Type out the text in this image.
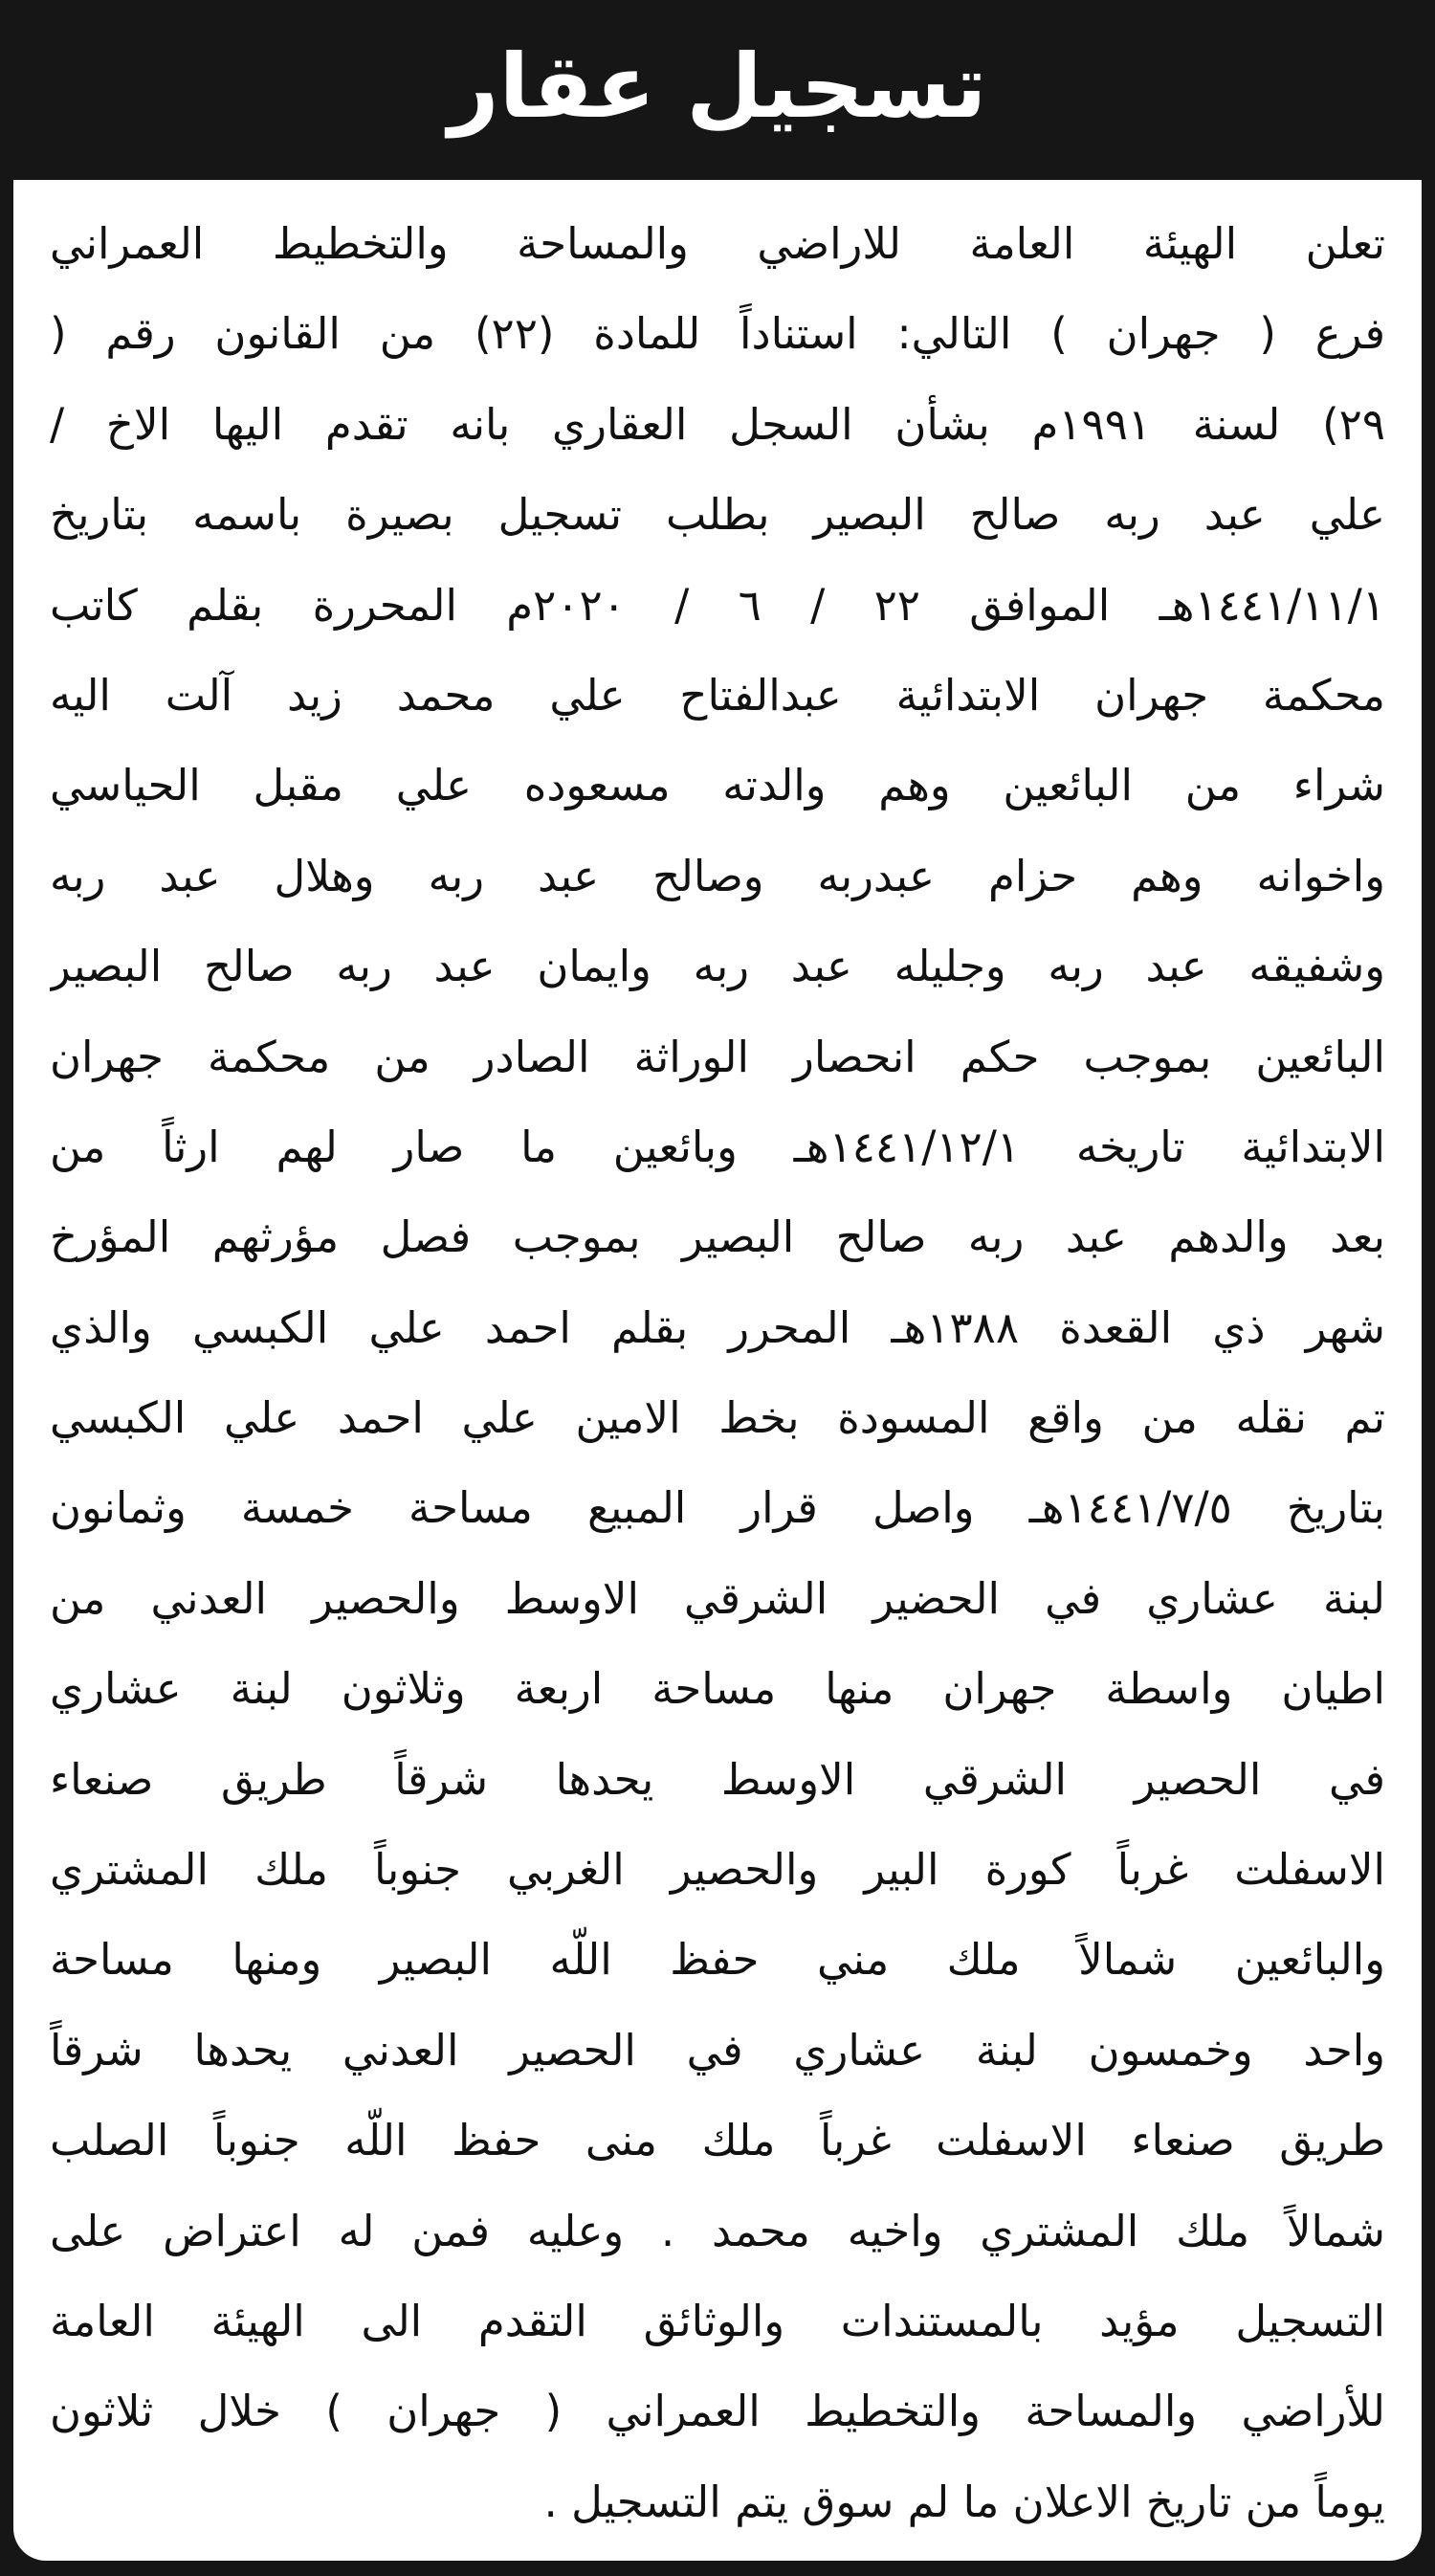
تسجيل عقار
تعلن الهيئة العامة للاراضي والمساحة والتخطيط العمراني
فرع ( جهران ) التالي: استناداً للمادة (٢٢) من القانون رقم (
٢٩) لسنة ١٩٩١م بشأن السجل العقاري بانه تقدم اليها الاخ /
علي عبد ربه صالح البصير بطلب تسجيل بصيرة باسمه بتاريخ
١٤٤١/١١/١هـ الموافق ٢٢ / ٦ / ٢٠٢٠م المحررة بقلم كاتب
محكمة جهران الابتدائية عبدالفتاح علي محمد زيد آلت اليه
شراء من البائعين وهم والدته مسعوده علي مقبل الحياسي
واخوانه وهم حزام عبدربه وصالح عبد ربه وهلال عبد ربه
وشفيقه عبد ربه وجليله عبد ربه وايمان عبد ربه صالح البصير
البائعين بموجب حكم انحصار الوراثة الصادر من محكمة جهران
الابتدائية تاريخه ١٤٤١/١٢/١هـ وبائعين ما صار لهم ارثاً من
بعد والدهم عبد ربه صالح البصير بموجب فصل مؤرثهم المؤرخ
شهر ذي القعدة ١٣٨٨هـ المحرر بقلم احمد علي الكبسي والذي
تم نقله من واقع المسودة بخط الامين علي احمد علي الكبسي
بتاريخ ١٤٤١/٧/٥هـ واصل قرار المبيع مساحة خمسة وثمانون
لبنة عشاري في الحضير الشرقي الاوسط والحصير العدني من
اطيان واسطة جهران منها مساحة اربعة وثلاثون لبنة عشاري
في الحصير الشرقي الاوسط يحدها شرقاً طريق صنعاء
الاسفلت غرباً كورة البير والحصير الغربي جنوباً ملك المشتري
والبائعين شمالاً ملك مني حفظ اللّه البصير ومنها مساحة
واحد وخمسون لبنة عشاري في الحصير العدني يحدها شرقاً
طريق صنعاء الاسفلت غرباً ملك منى حفظ اللّه جنوباً الصلب
شمالاً ملك المشتري واخيه محمد . وعليه فمن له اعتراض على
التسجيل مؤيد بالمستندات والوثائق التقدم الى الهيئة العامة
للأراضي والمساحة والتخطيط العمراني ( جهران ) خلال ثلاثون
يوماً من تاريخ الاعلان ما لم سوق يتم التسجيل .
